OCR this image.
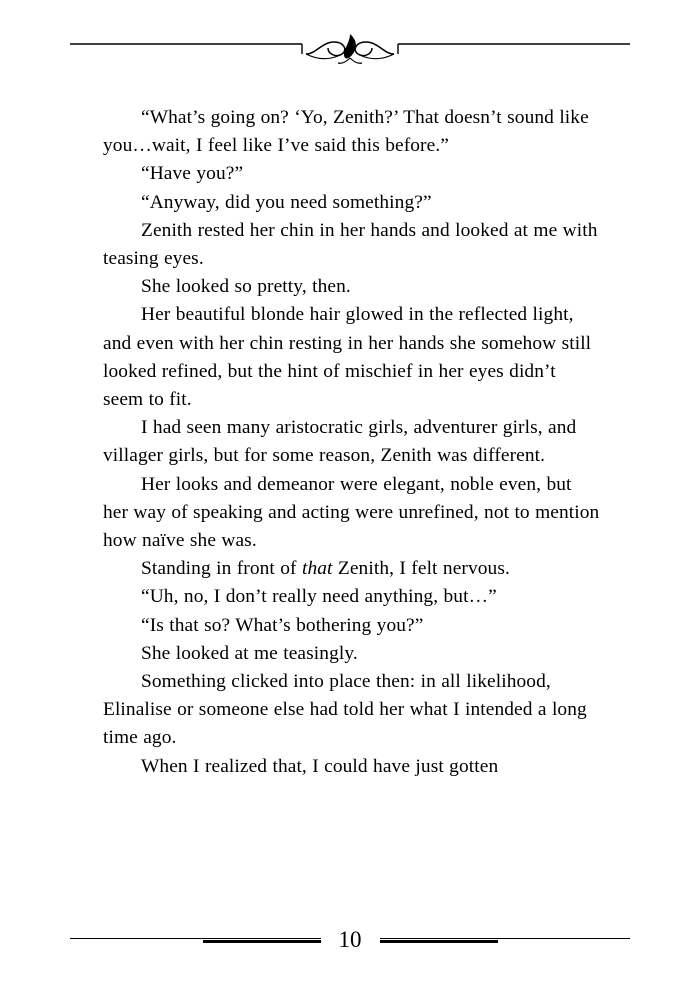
“What’s going on? ‘Yo, Zenith?’ That doesn’t sound like you…wait, I feel like I’ve said this before.”

“Have you?”

“Anyway, did you need something?”

Zenith rested her chin in her hands and looked at me with teasing eyes.

She looked so pretty, then.

Her beautiful blonde hair glowed in the reflected light, and even with her chin resting in her hands she somehow still looked refined, but the hint of mischief in her eyes didn’t seem to fit.

I had seen many aristocratic girls, adventurer girls, and villager girls, but for some reason, Zenith was different.

Her looks and demeanor were elegant, noble even, but her way of speaking and acting were unrefined, not to mention how naïve she was.

Standing in front of that Zenith, I felt nervous.

“Uh, no, I don’t really need anything, but…”

“Is that so? What’s bothering you?”

She looked at me teasingly.

Something clicked into place then: in all likelihood, Elinalise or someone else had told her what I intended a long time ago.

When I realized that, I could have just gotten

10
